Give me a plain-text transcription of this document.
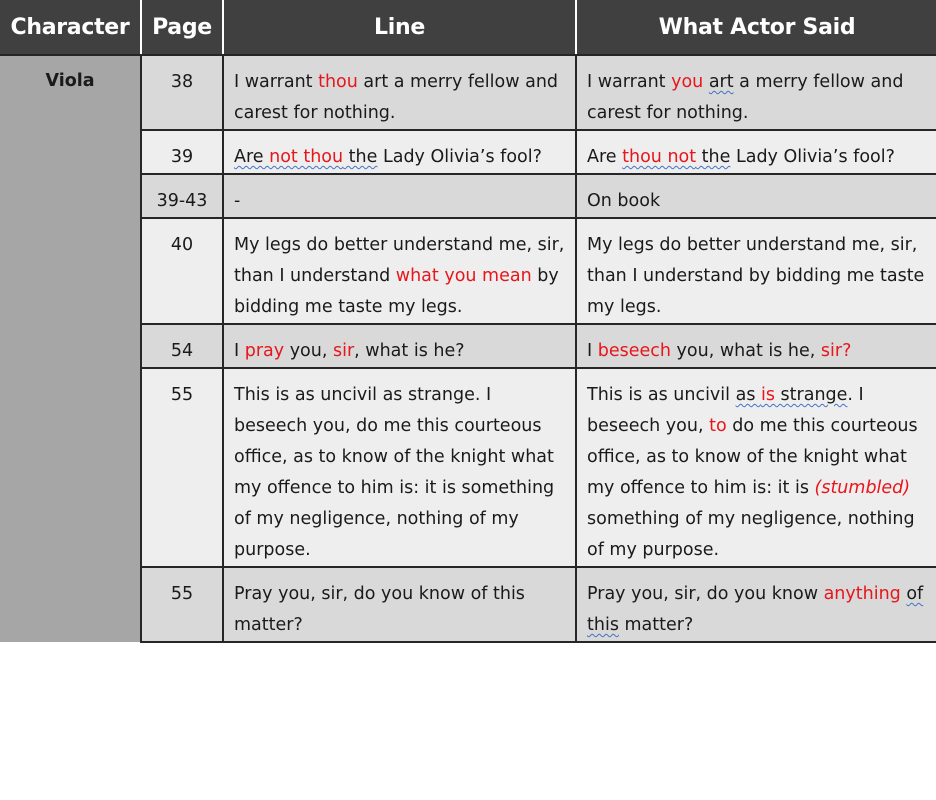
Character	Page	Line	What Actor Said
Viola	38	I warrant thou art a merry fellow and carest for nothing.	I warrant you art a merry fellow and carest for nothing.
	39	Are not thou the Lady Olivia’s fool?	Are thou not the Lady Olivia’s fool?
	39-43	-	On book
	40	My legs do better understand me, sir, than I understand what you mean by bidding me taste my legs.	My legs do better understand me, sir, than I understand by bidding me taste my legs.
	54	I pray you, sir, what is he?	I beseech you, what is he, sir?
	55	This is as uncivil as strange. I beseech you, do me this courteous office, as to know of the knight what my offence to him is: it is something of my negligence, nothing of my purpose.	This is as uncivil as is strange. I beseech you, to do me this courteous office, as to know of the knight what my offence to him is: it is (stumbled) something of my negligence, nothing of my purpose.
	55	Pray you, sir, do you know of this matter?	Pray you, sir, do you know anything of this matter?
